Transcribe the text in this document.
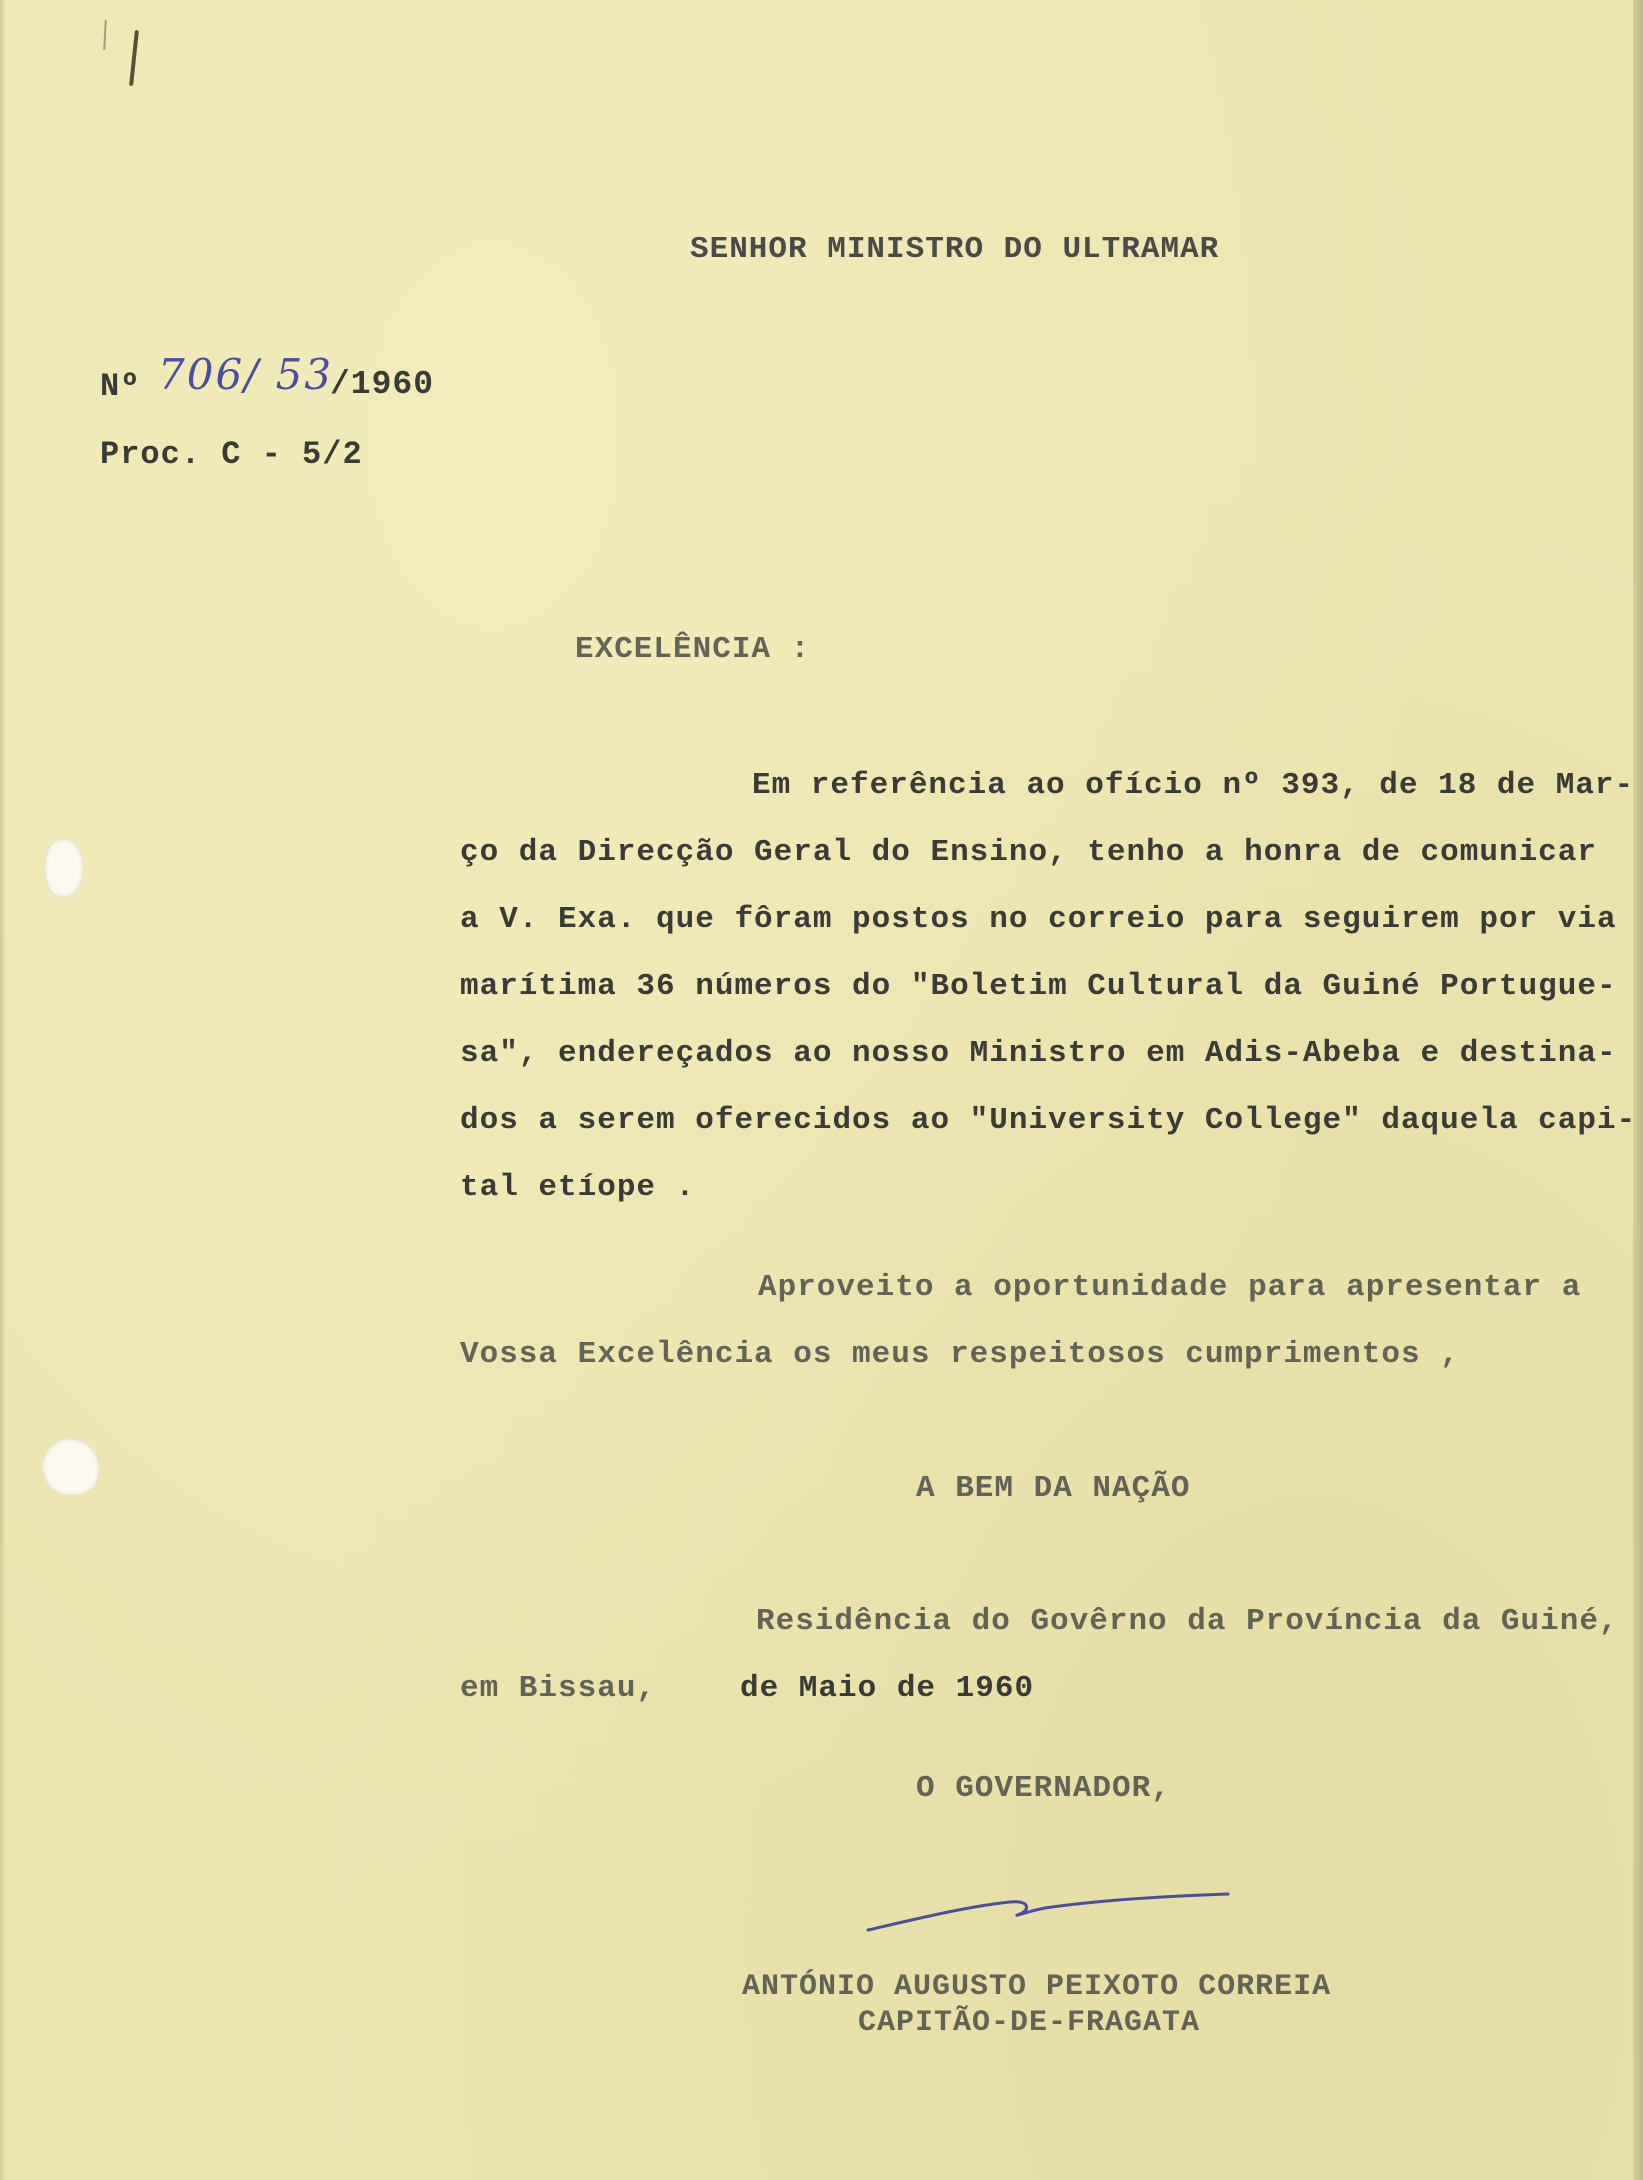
SENHOR MINISTRO DO ULTRAMAR
Nº 706/ 53
/1960
Proc. C - 5/2
EXCELÊNCIA :
Em referência ao ofício nº 393, de 18 de Mar-
ço da Direcção Geral do Ensino, tenho a honra de comunicar
a V. Exa. que fôram postos no correio para seguirem por via
marítima 36 números do "Boletim Cultural da Guiné Portugue-
sa", endereçados ao nosso Ministro em Adis-Abeba e destina-
dos a serem oferecidos ao "University College" daquela capi-
tal etíope .
Aproveito a oportunidade para apresentar a
Vossa Excelência os meus respeitosos cumprimentos ,
A BEM DA NAÇÃO
Residência do Govêrno da Província da Guiné,
em Bissau,	de Maio de 1960
O GOVERNADOR,
ANTÓNIO AUGUSTO PEIXOTO CORREIA
CAPITÃO-DE-FRAGATA
